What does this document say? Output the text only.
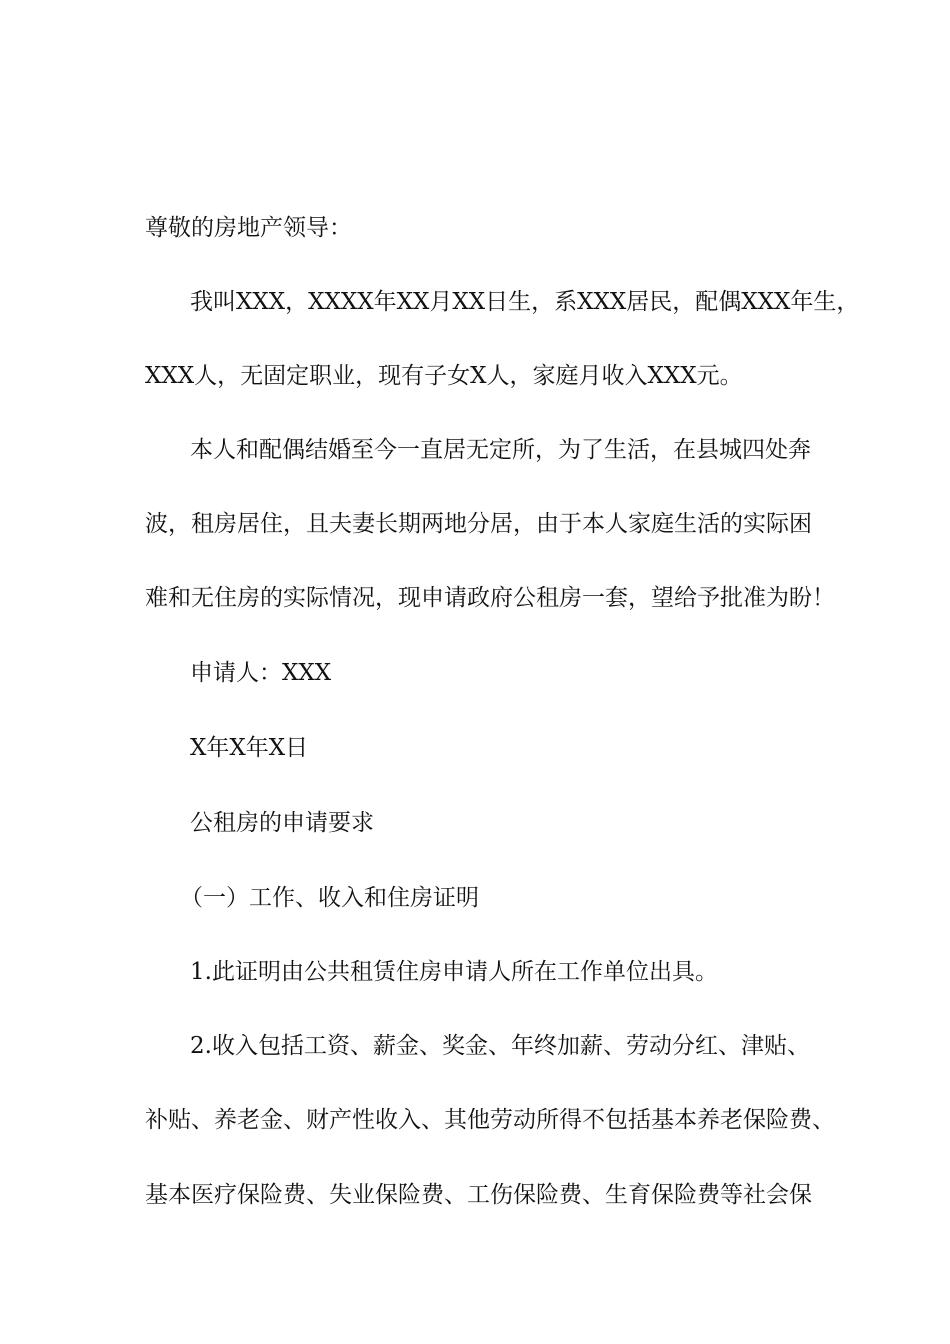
尊敬的房地产领导：

我叫XXX，XXXX年XX月XX日生，系XXX居民，配偶XXX年生，

XXX人，无固定职业，现有子女X人，家庭月收入XXX元。

本人和配偶结婚至今一直居无定所，为了生活，在县城四处奔

波，租房居住，且夫妻长期两地分居，由于本人家庭生活的实际困

难和无住房的实际情况，现申请政府公租房一套，望给予批准为盼！

申请人：XXX

X年X年X日

公租房的申请要求

（一）工作、收入和住房证明

1.此证明由公共租赁住房申请人所在工作单位出具。

2.收入包括工资、薪金、奖金、年终加薪、劳动分红、津贴、

补贴、养老金、财产性收入、其他劳动所得不包括基本养老保险费、

基本医疗保险费、失业保险费、工伤保险费、生育保险费等社会保
